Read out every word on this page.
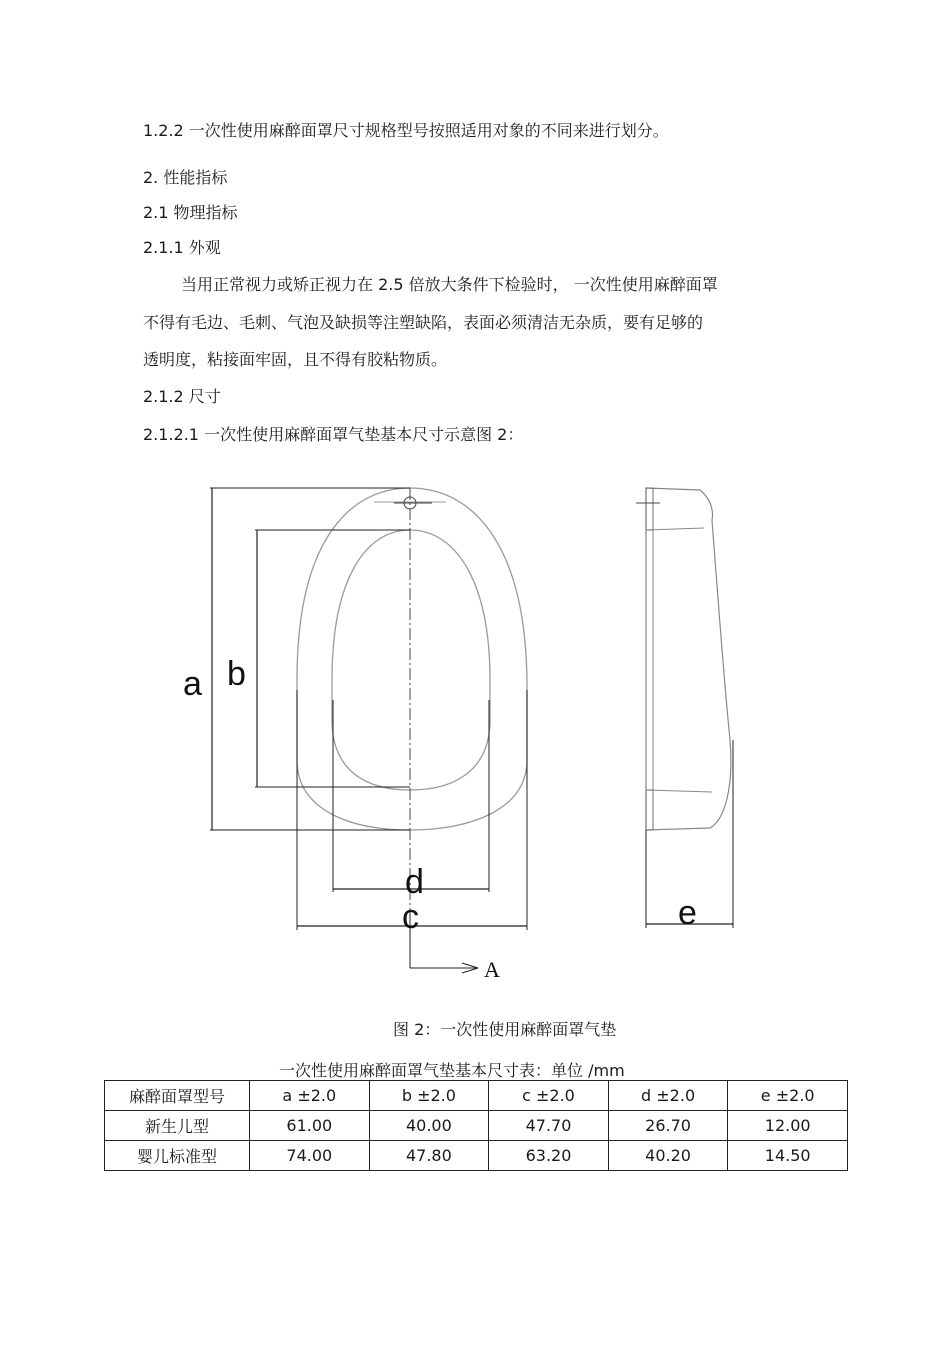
1.2.2 一次性使用麻醉面罩尺寸规格型号按照适用对象的不同来进行划分。
2. 性能指标
2.1 物理指标
2.1.1 外观
当用正常视力或矫正视力在 2.5 倍放大条件下检验时， 一次性使用麻醉面罩
不得有毛边、毛刺、气泡及缺损等注塑缺陷，表面必须清洁无杂质，要有足够的
透明度，粘接面牢固，且不得有胶粘物质。
2.1.2 尺寸
2.1.2.1 一次性使用麻醉面罩气垫基本尺寸示意图 2：
a b
d
c	e
A
图 2：一次性使用麻醉面罩气垫
一次性使用麻醉面罩气垫基本尺寸表：单位 /mm
麻醉面罩型号	a ±2.0	b ±2.0	c ±2.0	d ±2.0	e ±2.0
新生儿型	61.00	40.00	47.70	26.70	12.00
婴儿标准型	74.00	47.80	63.20	40.20	14.50
